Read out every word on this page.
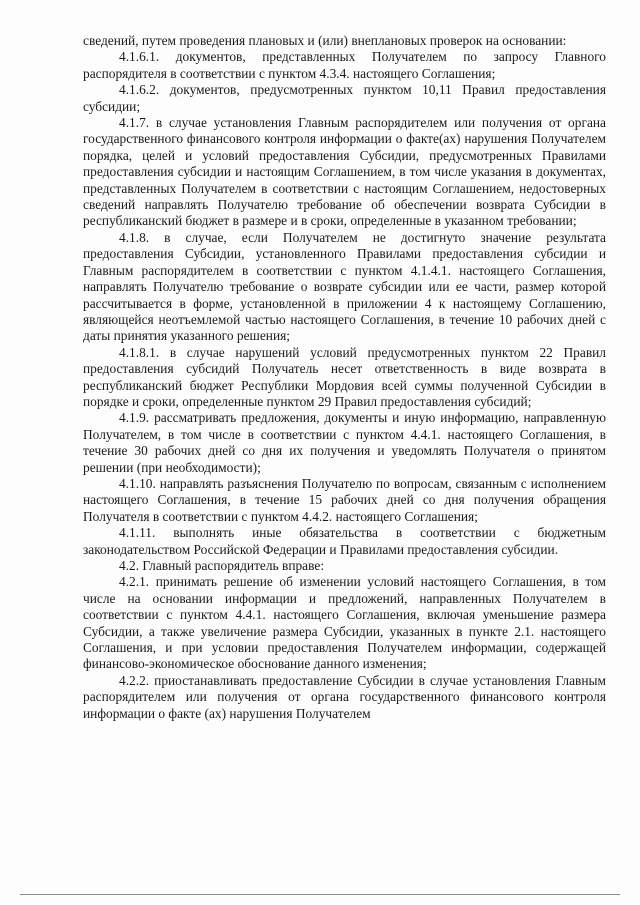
сведений, путем проведения плановых и (или) внеплановых проверок на основании:

4.1.6.1. документов, представленных Получателем по запросу Главного распорядителя в соответствии с пунктом 4.3.4. настоящего Соглашения;

4.1.6.2. документов, предусмотренных пунктом 10,11 Правил предоставления субсидии;

4.1.7. в случае установления Главным распорядителем или получения от органа государственного финансового контроля информации о факте(ах) нарушения Получателем порядка, целей и условий предоставления Субсидии, предусмотренных Правилами предоставления субсидии и настоящим Соглашением, в том числе указания в документах, представленных Получателем в соответствии с настоящим Соглашением, недостоверных сведений направлять Получателю требование об обеспечении возврата Субсидии в республиканский бюджет в размере и в сроки, определенные в указанном требовании;

4.1.8. в случае, если Получателем не достигнуто значение результата предоставления Субсидии, установленного Правилами предоставления субсидии и Главным распорядителем в соответствии с пунктом 4.1.4.1. настоящего Соглашения, направлять Получателю требование о возврате субсидии или ее части, размер которой рассчитывается в форме, установленной в приложении 4 к настоящему Соглашению, являющейся неотъемлемой частью настоящего Соглашения, в течение 10 рабочих дней с даты принятия указанного решения;

4.1.8.1. в случае нарушений условий предусмотренных пунктом 22 Правил предоставления субсидий Получатель несет ответственность в виде возврата в республиканский бюджет Республики Мордовия всей суммы полученной Субсидии в порядке и сроки, определенные пунктом 29 Правил предоставления субсидий;

4.1.9. рассматривать предложения, документы и иную информацию, направленную Получателем, в том числе в соответствии с пунктом 4.4.1. настоящего Соглашения, в течение 30 рабочих дней со дня их получения и уведомлять Получателя о принятом решении (при необходимости);

4.1.10. направлять разъяснения Получателю по вопросам, связанным с исполнением настоящего Соглашения, в течение 15 рабочих дней со дня получения обращения Получателя в соответствии с пунктом 4.4.2. настоящего Соглашения;

4.1.11. выполнять иные обязательства в соответствии с бюджетным законодательством Российской Федерации и Правилами предоставления субсидии.

4.2. Главный распорядитель вправе:

4.2.1. принимать решение об изменении условий настоящего Соглашения, в том числе на основании информации и предложений, направленных Получателем в соответствии с пунктом 4.4.1. настоящего Соглашения, включая уменьшение размера Субсидии, а также увеличение размера Субсидии, указанных в пункте 2.1. настоящего Соглашения, и при условии предоставления Получателем информации, содержащей финансово-экономическое обоснование данного изменения;

4.2.2. приостанавливать предоставление Субсидии в случае установления Главным распорядителем или получения от органа государственного финансового контроля информации о факте (ах) нарушения Получателем
